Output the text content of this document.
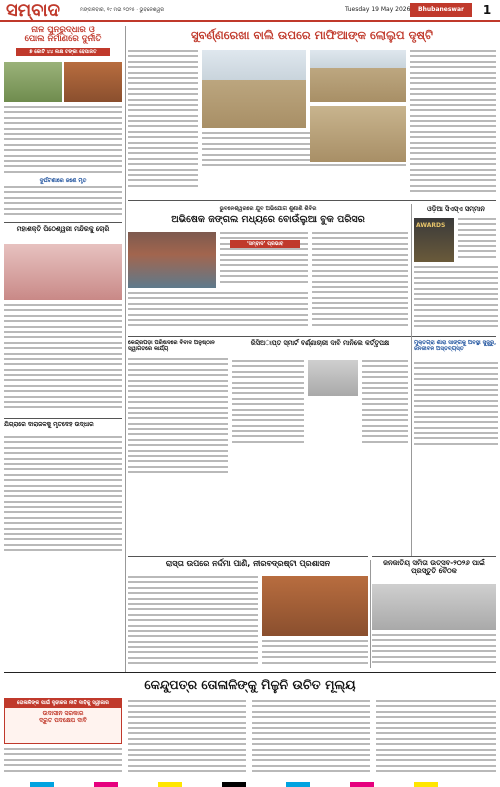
ସମ୍ବାଦ	ମଙ୍ଗଳବାର, ୧୯ ମଇ ୨୦୨୫ · ଭୁବନେଶ୍ୱର	Tuesday 19 May 2026	Bhubaneswar	1
ନାଳ ପୁନରୁଦ୍ଧାର ଓ
ପୋଲ ନିର୍ମାଣରେ ଦୁର୍ନୀତି
୭ କୋଟି ୪୪ ଲକ୍ଷ ଟଙ୍କା ହେପାଜତ
ଦୁର୍ଘଟଣାରେ ଜଣେ ମୃତ
ସୁବର୍ଣ୍ଣରେଖା ବାଲି ଉପରେ ମାଫିଆଙ୍କ ଲୋଲୁପ ଦୃଷ୍ଟି
ଭୁବନେଶ୍ୱରରେ ଯୁବ ଅଭିଯୋଗ ଶୁଣାଣି ଶିବିର
ଅଭିଷେକ ଜଙ୍ଗଲ ମଧ୍ୟରେ ବୋଉଁଲୁଆ ବୁକ ପରିସର
‘ସମ୍ବାଦ’ ପ୍ରଭାବ
ମହାଶକ୍ତି ପିଠେଶ୍ୱରୀ ମନ୍ଦିରକୁ ଚୋରି
ଓଡ଼ିଆ ସିଏସ୍‌ଏ ସମ୍ମାନ
AWARDS
କେନ୍ଦ୍ରପଡ଼ା ପରିଷଦରେ ବିବାଦ ଅନୁଷ୍ଠାନ ସ୍ୱାଗତରେ କାର୍ଯ୍ୟ
ରିସିଅାପ୍ତ ସ୍ମାର୍ଟ ବର୍ଣ୍ଣାଚାରୀ ଦାବି ମାନିଲେ କର୍ତ୍ତୃପକ୍ଷ	ମୁକ୍ତଗ୍ରା ଶାରା ସାଙ୍ଗକୁ ଅବସ୍ଥା ସୁଜୁରୁ, ଜନଜୀବନ ଅସ୍ତବ୍ୟସ୍ତ
ଯିଗ୍ରାରେ ଦାରାଜଳକୁ ମୃତଦେହ ଉଦ୍ଧାର
ରାସ୍ତା ଉପରେ ନର୍ଦ୍ଦମା ପାଣି, ନୀରବଦ୍ରଷ୍ଟା ପ୍ରଶାସନ	ଜନଜାତିୟ ସମିତା ଉତ୍ସବ-୨୦୨୬ ପାଇଁ ପ୍ରସ୍ତୁତି ବୈଠକ
କେନ୍ଦୁପତ୍ର ତୋଳାଳିଙ୍କୁ ମିଳୁନି ଉଚିତ ମୂଲ୍ୟ
ତୋଳାଳିଙ୍କ ପାଇଁ ଦୃଢୀକର ନୀତି ଦାବିକୁ ସ୍ୱୀକାର
ଉଦାସୀନ ସରକାର
ଦ୍ରୁତ ପଦକ୍ଷେପ ଦାବି
